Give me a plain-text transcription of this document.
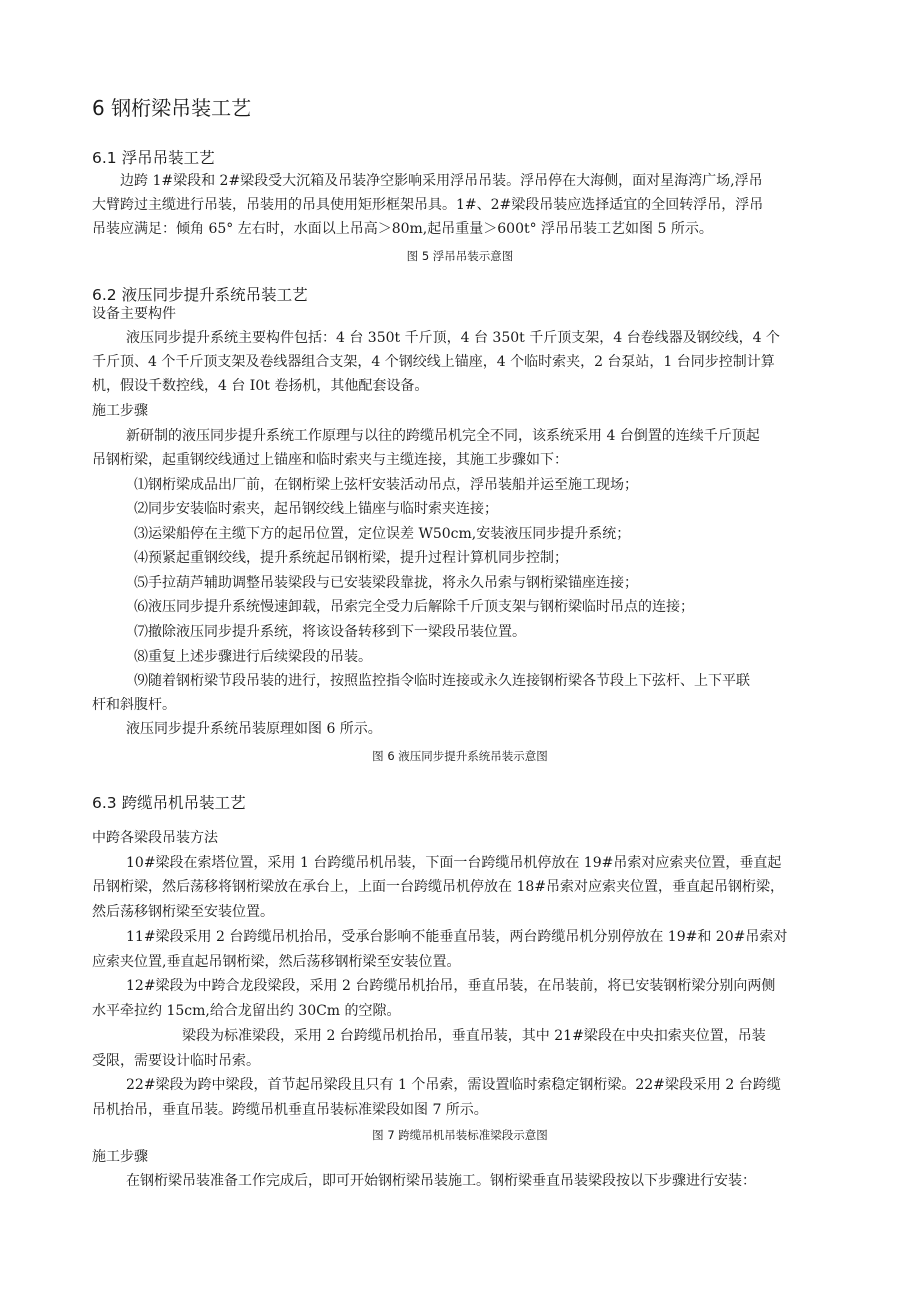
6 钢桁梁吊装工艺
6.1 浮吊吊装工艺
边跨 1#梁段和 2#梁段受大沉箱及吊装净空影响采用浮吊吊装。浮吊停在大海侧，面对星海湾广场,浮吊
大臂跨过主缆进行吊装，吊装用的吊具使用矩形框架吊具。1#、2#梁段吊装应选择适宜的全回转浮吊，浮吊
吊装应满足：倾角 65° 左右时，水面以上吊高＞80m,起吊重量＞600t° 浮吊吊装工艺如图 5 所示。
图 5 浮吊吊装示意图
6.2 液压同步提升系统吊装工艺
设备主要构件
液压同步提升系统主要构件包括：4 台 350t 千斤顶，4 台 350t 千斤顶支架，4 台卷线器及钢绞线，4 个
千斤顶、4 个千斤顶支架及卷线器组合支架，4 个钢绞线上锚座，4 个临时索夹，2 台泵站，1 台同步控制计算
机，假设千数控线，4 台 I0t 卷扬机，其他配套设备。
施工步骤
新研制的液压同步提升系统工作原理与以往的跨缆吊机完全不同，该系统采用 4 台倒置的连续千斤顶起
吊钢桁梁，起重钢绞线通过上锚座和临时索夹与主缆连接，其施工步骤如下：
⑴钢桁梁成品出厂前，在钢桁梁上弦杆安装活动吊点，浮吊装船并运至施工现场；
⑵同步安装临时索夹，起吊钢绞线上锚座与临时索夹连接；
⑶运梁船停在主缆下方的起吊位置，定位误差 W50cm,安装液压同步提升系统；
⑷预紧起重钢绞线，提升系统起吊钢桁梁，提升过程计算机同步控制；
⑸手拉葫芦辅助调整吊装梁段与已安装梁段靠拢，将永久吊索与钢桁梁锚座连接；
⑹液压同步提升系统慢速卸载，吊索完全受力后解除千斤顶支架与钢桁梁临时吊点的连接；
⑺撤除液压同步提升系统，将该设备转移到下一梁段吊装位置。
⑻重复上述步骤进行后续梁段的吊装。
⑼随着钢桁梁节段吊装的进行，按照监控指令临时连接或永久连接钢桁梁各节段上下弦杆、上下平联
杆和斜腹杆。
液压同步提升系统吊装原理如图 6 所示。
图 6 液压同步提升系统吊装示意图
6.3 跨缆吊机吊装工艺
中跨各梁段吊装方法
10#梁段在索塔位置，采用 1 台跨缆吊机吊装，下面一台跨缆吊机停放在 19#吊索对应索夹位置，垂直起
吊钢桁梁，然后荡移将钢桁梁放在承台上，上面一台跨缆吊机停放在 18#吊索对应索夹位置，垂直起吊钢桁梁，
然后荡移钢桁梁至安装位置。
11#梁段采用 2 台跨缆吊机抬吊，受承台影响不能垂直吊装，两台跨缆吊机分别停放在 19#和 20#吊索对
应索夹位置,垂直起吊钢桁梁，然后荡移钢桁梁至安装位置。
12#梁段为中跨合龙段梁段，采用 2 台跨缆吊机抬吊，垂直吊装，在吊装前，将已安装钢桁梁分别向两侧
水平牵拉约 15cm,给合龙留出约 30Cm 的空隙。
梁段为标准梁段，采用 2 台跨缆吊机抬吊，垂直吊装，其中 21#梁段在中央扣索夹位置，吊装
受限，需要设计临时吊索。
22#梁段为跨中梁段，首节起吊梁段且只有 1 个吊索，需设置临时索稳定钢桁梁。22#梁段采用 2 台跨缆
吊机抬吊，垂直吊装。跨缆吊机垂直吊装标准梁段如图 7 所示。
图 7 跨缆吊机吊装标准梁段示意图
施工步骤
在钢桁梁吊装准备工作完成后，即可开始钢桁梁吊装施工。钢桁梁垂直吊装梁段按以下步骤进行安装：
